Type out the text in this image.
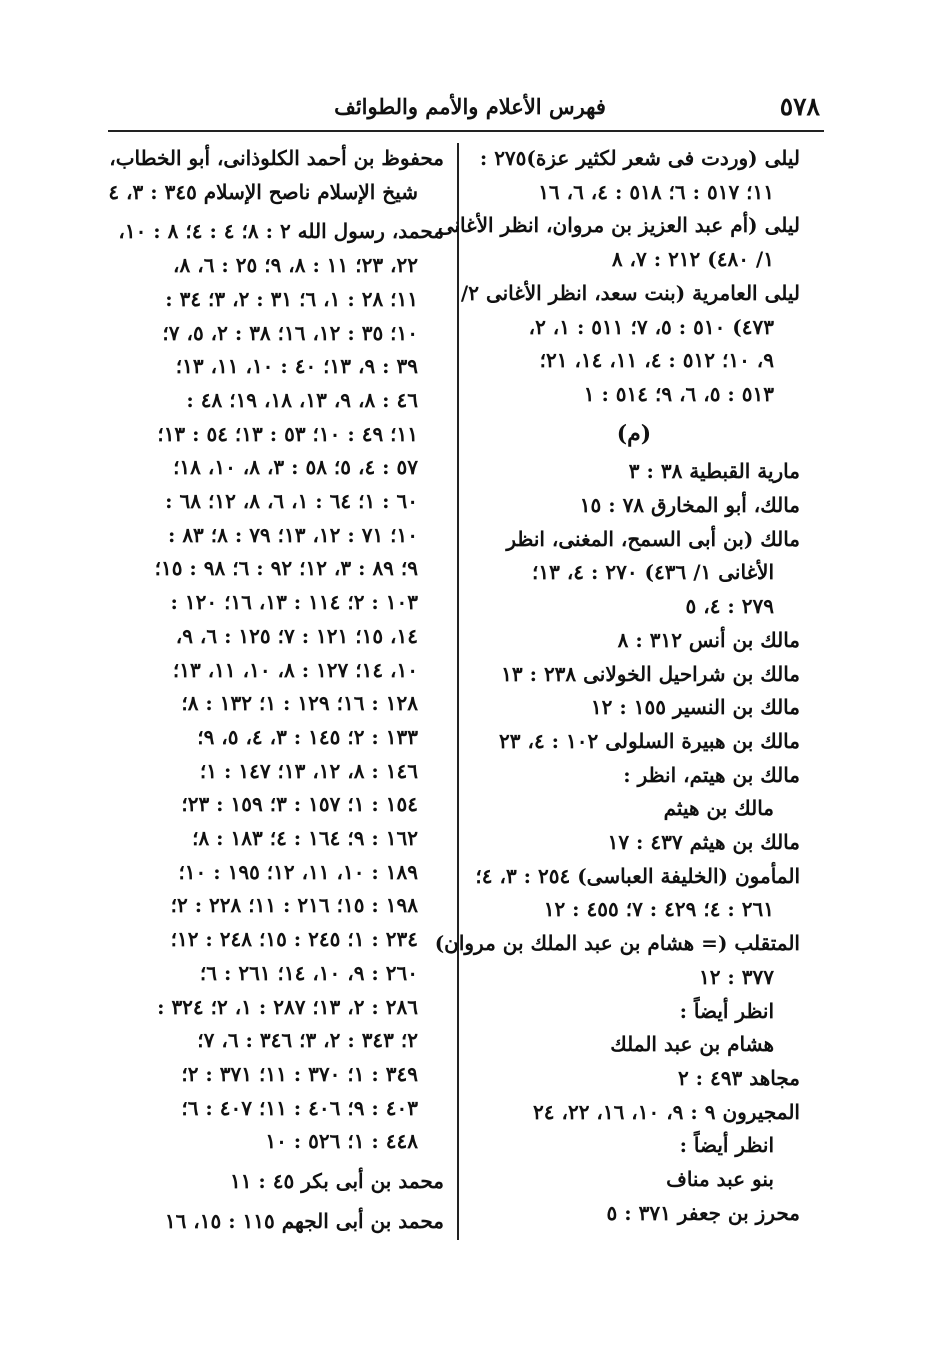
٥٧٨
فهرس الأعلام والأمم والطوائف
ليلى (وردت فى شعر لكثير عزة)٢٧٥ :
١١؛ ٥١٧ : ٦؛ ٥١٨ : ٤، ٦، ١٦
ليلى (أم عبد العزيز بن مروان، انظر الأغانى
١/ ٤٨٠) ٢١٢ : ٧، ٨
ليلى العامرية (بنت سعد، انظر الأغانى ٢/
٤٧٣) ٥١٠ : ٥، ٧؛ ٥١١ : ١، ٢،
٩، ١٠؛ ٥١٢ : ٤، ١١، ١٤، ٢١؛
٥١٣ : ٥، ٦، ٩؛ ٥١٤ : ١
(م)
مارية القبطية ٣٨ : ٣
مالك، أبو المخارق ٧٨ : ١٥
مالك (بن أبى السمح، المغنى، انظر
الأغانى ١/ ٤٣٦) ٢٧٠ : ٤، ١٣؛
٢٧٩ : ٤، ٥
مالك بن أنس ٣١٢ : ٨
مالك بن شراحيل الخولانى ٢٣٨ : ١٣
مالك بن النسير ١٥٥ : ١٢
مالك بن هبيرة السلولى ١٠٢ : ٤، ٢٣
مالك بن هيتم، انظر :
مالك بن هيثم
مالك بن هيثم ٤٣٧ : ١٧
المأمون (الخليفة العباسى) ٢٥٤ : ٣، ٤؛
٢٦١ : ٤؛ ٤٢٩ : ٧؛ ٤٥٥ : ١٢
المتقلب (= هشام بن عبد الملك بن مروان)
٣٧٧ : ١٢
انظر أيضاً :
هشام بن عبد الملك
مجاهد ٤٩٣ : ٢
المجيرون ٩ : ٩، ١٠، ١٦، ٢٢، ٢٤
انظر أيضاً :
بنو عبد مناف
محرز بن جعفر ٣٧١ : ٥
محفوظ بن أحمد الكلوذانى، أبو الخطاب،
شيخ الإسلام ناصح الإسلام ٣٤٥ : ٣، ٤
محمد، رسول الله ٢ : ٨؛ ٤ : ٤؛ ٨ : ١٠،
٢٢، ٢٣؛ ١١ : ٨، ٩؛ ٢٥ : ٦، ٨،
١١؛ ٢٨ : ١، ٦؛ ٣١ : ٢، ٣؛ ٣٤ :
١٠؛ ٣٥ : ١٢، ١٦؛ ٣٨ : ٢، ٥، ٧؛
٣٩ : ٩، ١٣؛ ٤٠ : ١٠، ١١، ١٣؛
٤٦ : ٨، ٩، ١٣، ١٨، ١٩؛ ٤٨ :
١١؛ ٤٩ : ١٠؛ ٥٣ : ١٣؛ ٥٤ : ١٣؛
٥٧ : ٤، ٥؛ ٥٨ : ٣، ٨، ١٠، ١٨؛
٦٠ : ١؛ ٦٤ : ١، ٦، ٨، ١٢؛ ٦٨ :
١٠؛ ٧١ : ١٢، ١٣؛ ٧٩ : ٨؛ ٨٣ :
٩؛ ٨٩ : ٣، ١٢؛ ٩٢ : ٦؛ ٩٨ : ١٥؛
١٠٣ : ٢؛ ١١٤ : ١٣، ١٦؛ ١٢٠ :
١٤، ١٥؛ ١٢١ : ٧؛ ١٢٥ : ٦، ٩،
١٠، ١٤؛ ١٢٧ : ٨، ١٠، ١١، ١٣؛
١٢٨ : ١٦؛ ١٢٩ : ١؛ ١٣٢ : ٨؛
١٣٣ : ٢؛ ١٤٥ : ٣، ٤، ٥، ٩؛
١٤٦ : ٨، ١٢، ١٣؛ ١٤٧ : ١؛
١٥٤ : ١؛ ١٥٧ : ٣؛ ١٥٩ : ٢٣؛
١٦٢ : ٩؛ ١٦٤ : ٤؛ ١٨٣ : ٨؛
١٨٩ : ١٠، ١١، ١٢؛ ١٩٥ : ١٠؛
١٩٨ : ١٥؛ ٢١٦ : ١١؛ ٢٢٨ : ٢؛
٢٣٤ : ١؛ ٢٤٥ : ١٥؛ ٢٤٨ : ١٢؛
٢٦٠ : ٩، ١٠، ١٤؛ ٢٦١ : ٦؛
٢٨٦ : ٢، ١٣؛ ٢٨٧ : ١، ٢؛ ٣٢٤ :
٢؛ ٣٤٣ : ٢، ٣؛ ٣٤٦ : ٦، ٧؛
٣٤٩ : ١؛ ٣٧٠ : ١١؛ ٣٧١ : ٢؛
٤٠٣ : ٩؛ ٤٠٦ : ١١؛ ٤٠٧ : ٦؛
٤٤٨ : ١؛ ٥٢٦ : ١٠
محمد بن أبى بكر ٤٥ : ١١
محمد بن أبى الجهم ١١٥ : ١٥، ١٦
